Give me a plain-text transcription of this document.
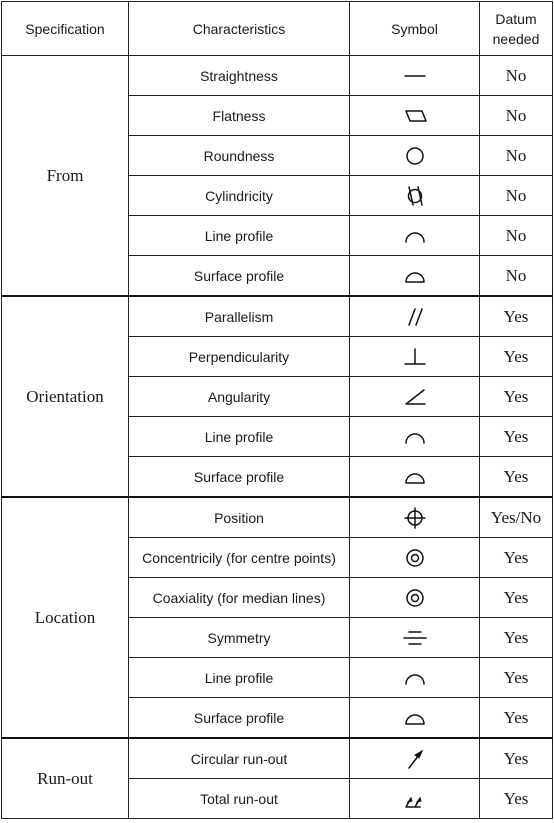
Specification	Characteristics	Symbol	Datum
needed
From	Straightness		No
	Flatness		No
	Roundness		No
	Cylindricity		No
	Line profile		No
	Surface profile		No
Orientation	Parallelism		Yes
	Perpendicularity		Yes
	Angularity		Yes
	Line profile		Yes
	Surface profile		Yes
Location	Position		Yes/No
	Concentricily (for centre points)		Yes
	Coaxiality (for median lines)		Yes
	Symmetry		Yes
	Line profile		Yes
	Surface profile		Yes
Run-out	Circular run-out		Yes
	Total run-out		Yes
